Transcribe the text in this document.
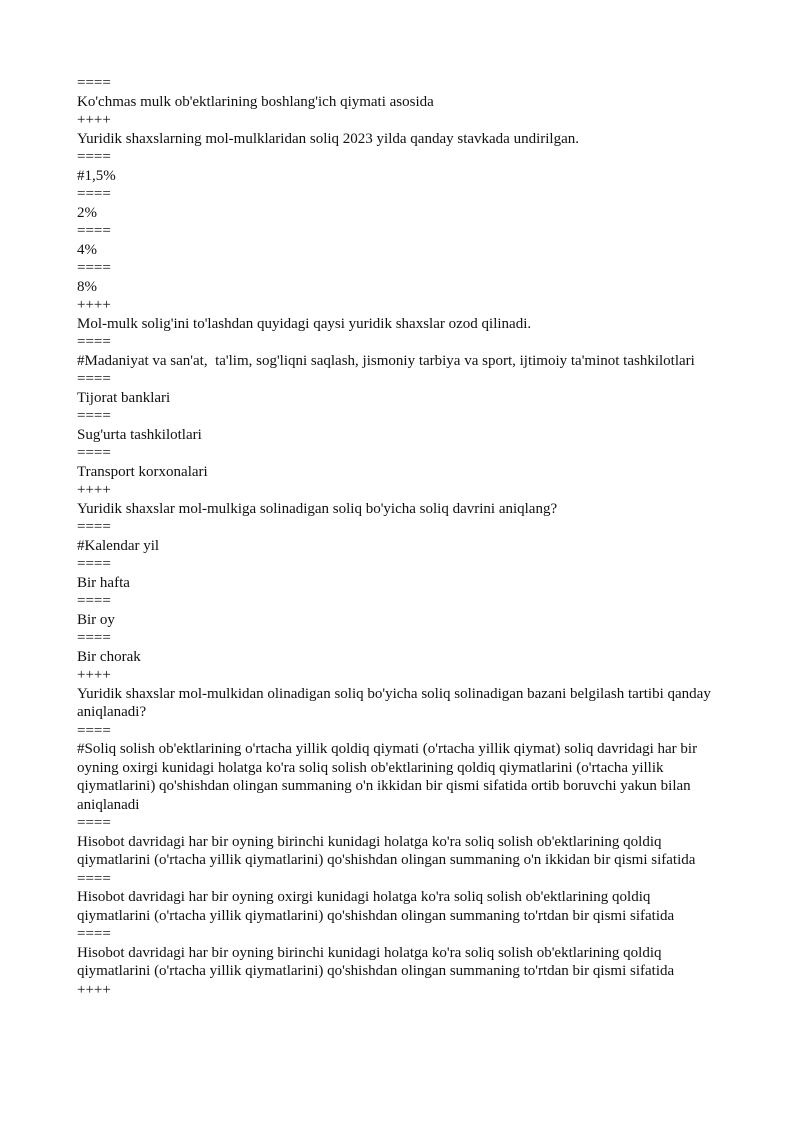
====

Ko'chmas mulk ob'ektlarining boshlang'ich qiymati asosida

++++

Yuridik shaxslarning mol-mulklaridan soliq 2023 yilda qanday stavkada undirilgan.

====

#1,5%

====

2%

====

4%

====

8%

++++

Mol-mulk solig'ini to'lashdan quyidagi qaysi yuridik shaxslar ozod qilinadi.

====

#Madaniyat va san'at,  ta'lim, sog'liqni saqlash, jismoniy tarbiya va sport, ijtimoiy ta'minot tashkilotlari

====

Tijorat banklari

====

Sug'urta tashkilotlari

====

Transport korxonalari

++++

Yuridik shaxslar mol-mulkiga solinadigan soliq bo'yicha soliq davrini aniqlang?

====

#Kalendar yil

====

Bir hafta

====

Bir oy

====

Bir chorak

++++

Yuridik shaxslar mol-mulkidan olinadigan soliq bo'yicha soliq solinadigan bazani belgilash tartibi qanday aniqlanadi?

====

#Soliq solish ob'ektlarining o'rtacha yillik qoldiq qiymati (o'rtacha yillik qiymat) soliq davridagi har bir oyning oxirgi kunidagi holatga ko'ra soliq solish ob'ektlarining qoldiq qiymatlarini (o'rtacha yillik qiymatlarini) qo'shishdan olingan summaning o'n ikkidan bir qismi sifatida ortib boruvchi yakun bilan aniqlanadi

====

Hisobot davridagi har bir oyning birinchi kunidagi holatga ko'ra soliq solish ob'ektlarining qoldiq qiymatlarini (o'rtacha yillik qiymatlarini) qo'shishdan olingan summaning o'n ikkidan bir qismi sifatida

====

Hisobot davridagi har bir oyning oxirgi kunidagi holatga ko'ra soliq solish ob'ektlarining qoldiq qiymatlarini (o'rtacha yillik qiymatlarini) qo'shishdan olingan summaning to'rtdan bir qismi sifatida

====

Hisobot davridagi har bir oyning birinchi kunidagi holatga ko'ra soliq solish ob'ektlarining qoldiq qiymatlarini (o'rtacha yillik qiymatlarini) qo'shishdan olingan summaning to'rtdan bir qismi sifatida

++++
